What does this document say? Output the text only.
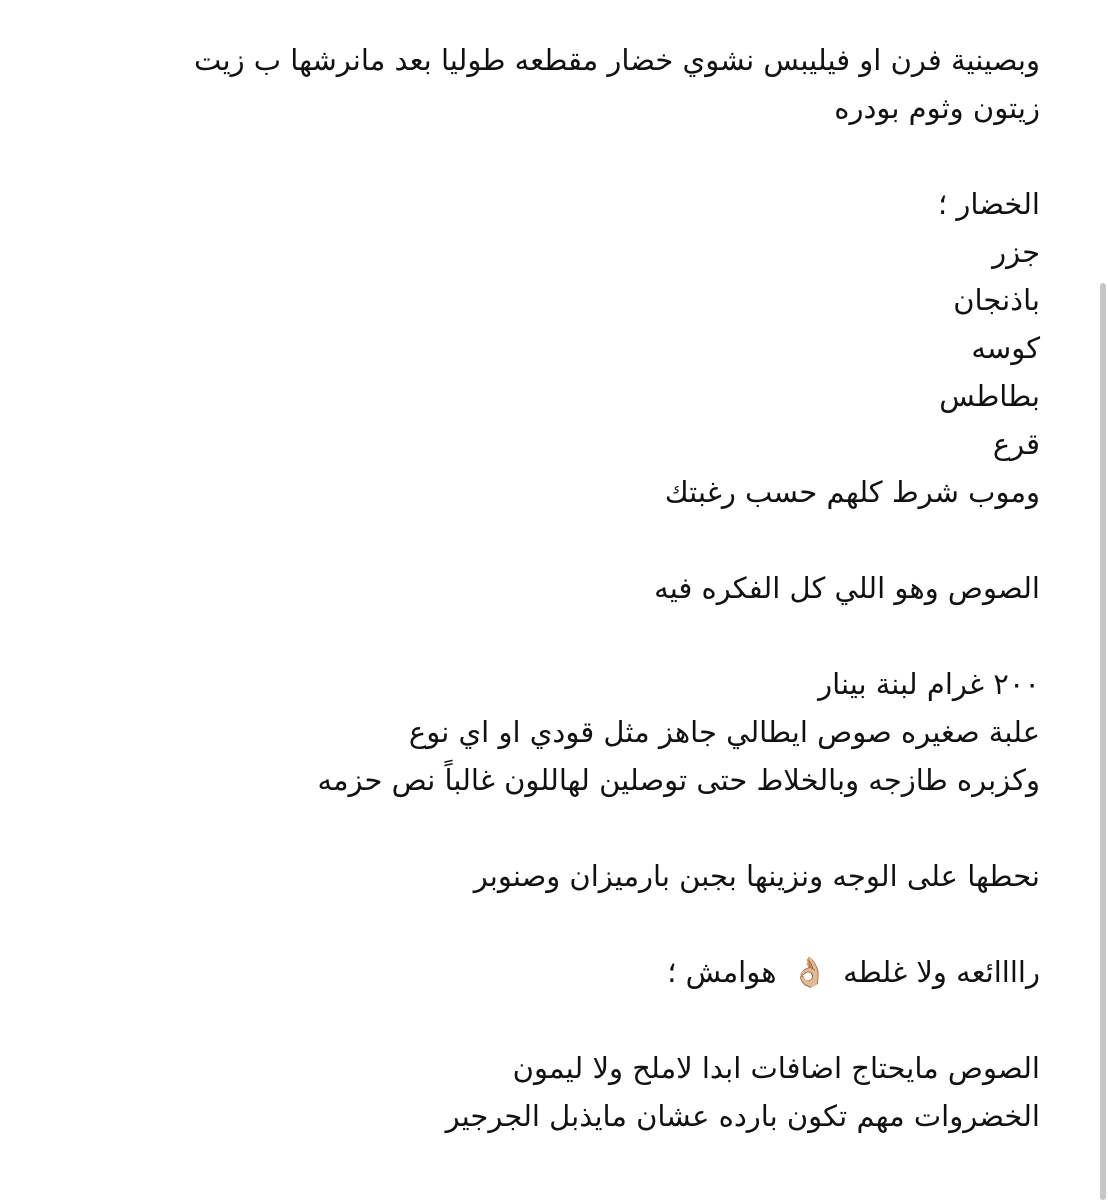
وبصينية فرن او فيليبس نشوي خضار مقطعه طوليا بعد مانرشها ب زيت
زيتون وثوم بودره
الخضار ؛
جزر
باذنجان
كوسه
بطاطس
قرع
وموب شرط كلهم حسب رغبتك
الصوص وهو اللي كل الفكره فيه
٢٠٠ غرام لبنة بينار
علبة صغيره صوص ايطالي جاهز مثل قودي او اي نوع
وكزبره طازجه وبالخلاط حتى توصلين لهاللون غالباً نص حزمه
نحطها على الوجه ونزينها بجبن بارميزان وصنوبر
راااائعه ولا غلطه 👌🏼 هوامش ؛
الصوص مايحتاج اضافات ابدا لاملح ولا ليمون
الخضروات مهم تكون بارده عشان مايذبل الجرجير
